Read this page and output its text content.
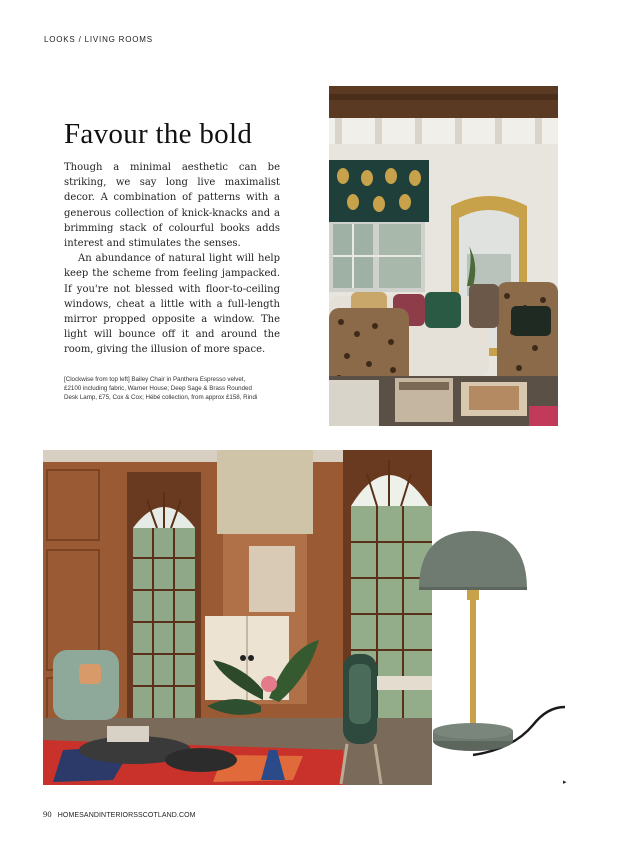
LOOKS / LIVING ROOMS
Favour the bold

Though a minimal aesthetic can be striking, we say long live maximalist decor. A combination of patterns with a generous collection of knick-knacks and a brimming stack of colourful books adds interest and stimulates the senses.

An abundance of natural light will help keep the scheme from feeling jampacked. If you're not blessed with floor-to-ceiling windows, cheat a little with a full-length mirror propped opposite a window. The light will bounce off it and around the room, giving the illusion of more space.

[Clockwise from top left] Bailey Chair in Panthera Espresso velvet, £2100 including fabric, Warner House; Deep Sage & Brass Rounded Desk Lamp, £75, Cox & Cox; Hébé collection, from approx £158, Rindi

▸
90 HOMESANDINTERIORSSCOTLAND.COM
